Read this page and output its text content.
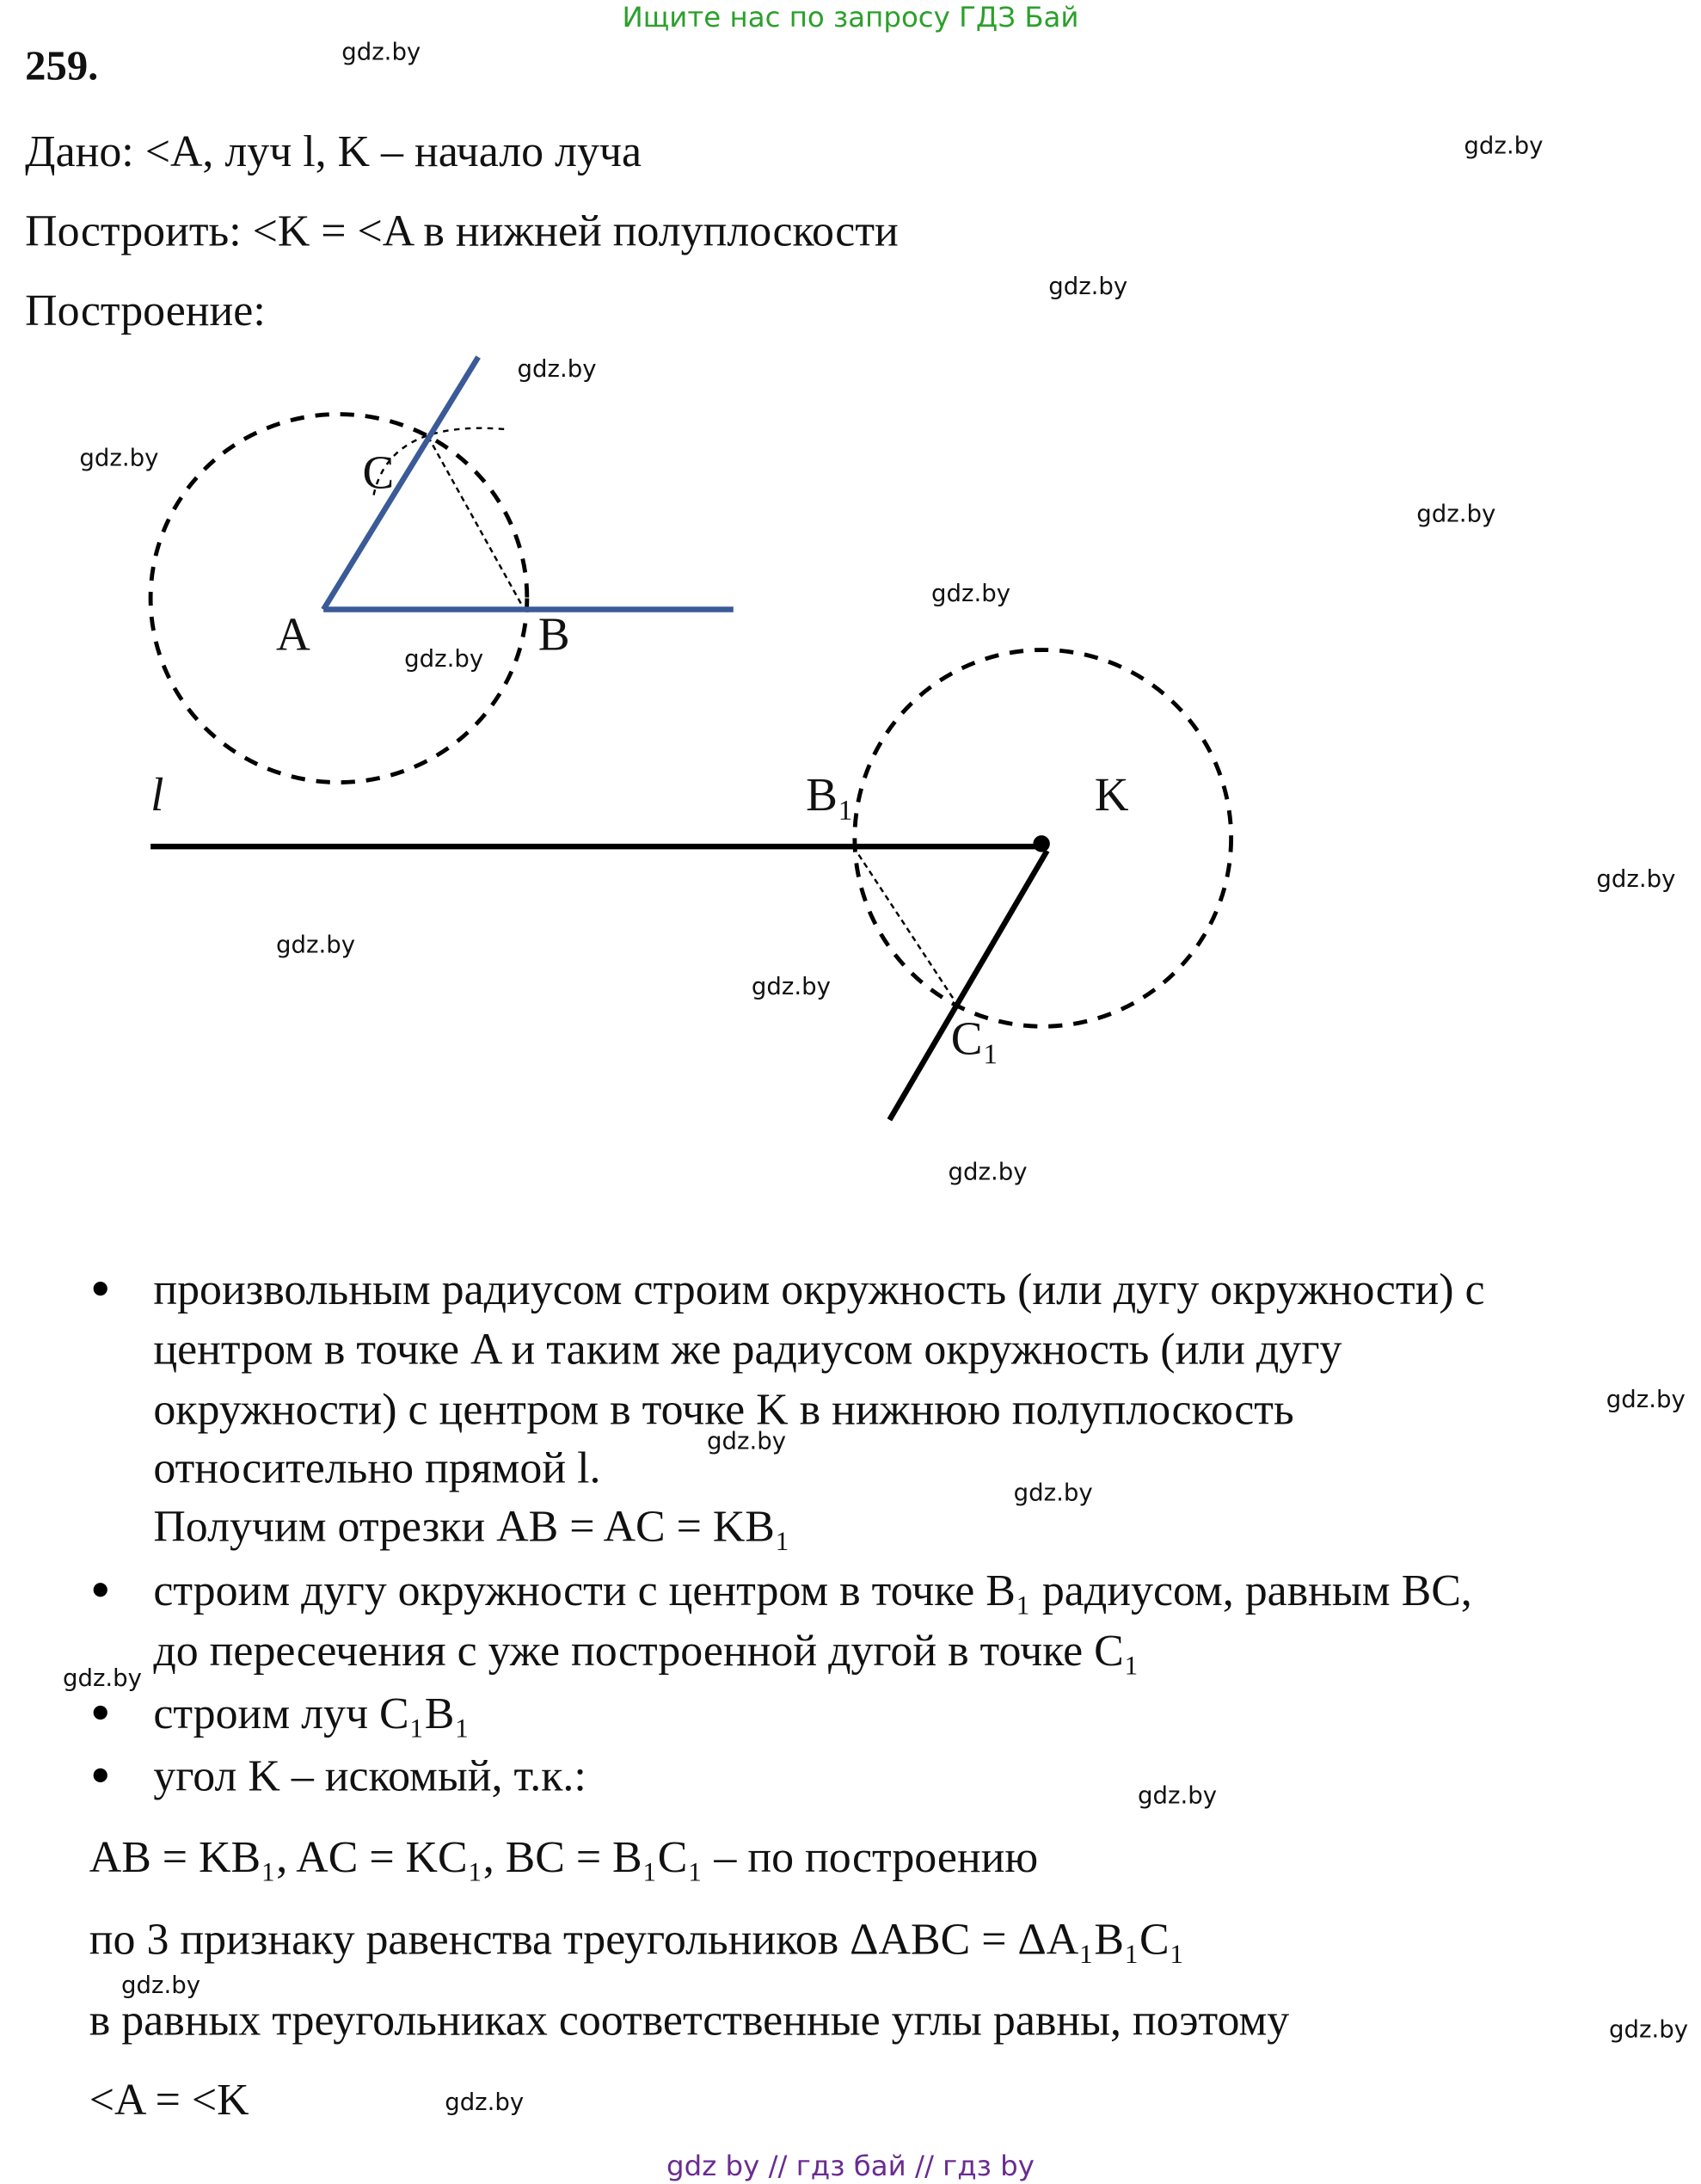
Ищите нас по запросу ГДЗ Бай
259.
Дано: <A, луч l, K – начало луча
Построить: <K = <A в нижней полуплоскости
Построение:
A	B
C
l	B₁	K
C₁
произвольным радиусом строим окружность (или дугу окружности) с
центром в точке A и таким же радиусом окружность (или дугу
окружности) с центром в точке K в нижнюю полуплоскость
относительно прямой l.
Получим отрезки AB = AC = KB₁
строим дугу окружности с центром в точке B₁ радиусом, равным BC,
до пересечения с уже построенной дугой в точке C₁
строим луч C₁B₁
угол K – искомый, т.к.:
AB = KB₁, AC = KC₁, BC = B₁C₁ – по построению
по 3 признаку равенства треугольников ΔABC = ΔA₁B₁C₁
в равных треугольниках соответственные углы равны, поэтому
<A = <K
gdz.by
gdz.by
gdz.by
gdz.by
gdz.by
gdz.by
gdz.by
gdz.by
gdz.by
gdz.by
gdz.by
gdz.by
gdz.by
gdz.by
gdz.by
gdz.by
gdz.by
gdz.by
gdz.by
gdz.by
gdz by // гдз бай // гдз by
